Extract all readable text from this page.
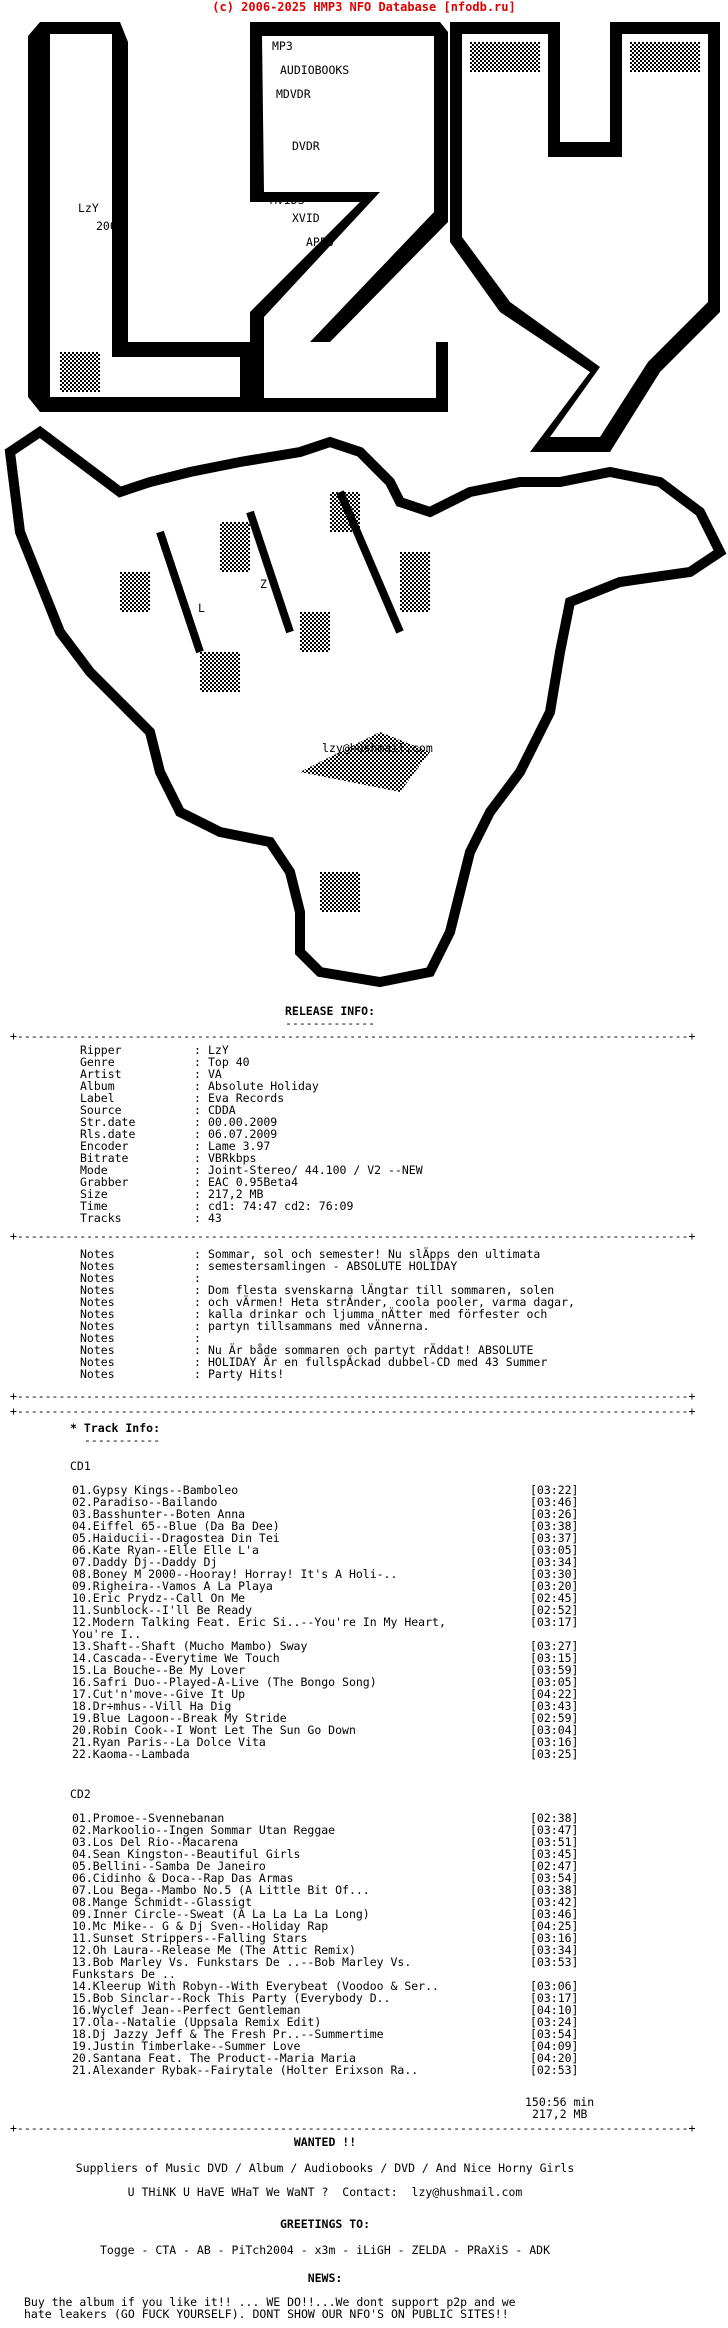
(c) 2006-2025 HMP3 NFO Database [nfodb.ru]
MP3
AUDIOBOOKS
MDVDR
DVDR
MVIDS
XVID
APPS
LzY
2009
L
Z
Y
lzy@hushmail.com
RELEASE INFO:
-------------
+-------------------------------------------------------------------------------------------------+
Ripper	: LzY
Genre	: Top 40
Artist	: VA
Album	: Absolute Holiday
Label	: Eva Records
Source	: CDDA
Str.date	: 00.00.2009
Rls.date	: 06.07.2009
Encoder	: Lame 3.97
Bitrate	: VBRkbps
Mode	: Joint-Stereo/ 44.100 / V2 --NEW
Grabber	: EAC 0.95Beta4
Size	: 217,2 MB
Time	: cd1: 74:47 cd2: 76:09
Tracks	: 43
+-------------------------------------------------------------------------------------------------+
Notes	: Sommar, sol och semester! Nu slÄpps den ultimata
Notes	: semestersamlingen - ABSOLUTE HOLIDAY
Notes	:
Notes	: Dom flesta svenskarna lÄngtar till sommaren, solen
Notes	: och vÄrmen! Heta strÄnder, coola pooler, varma dagar,
Notes	: kalla drinkar och ljumma nÄtter med förfester och
Notes	: partyn tillsammans med vÄnnerna.
Notes	:
Notes	: Nu Är både sommaren och partyt rÄddat! ABSOLUTE
Notes	: HOLIDAY Är en fullspÄckad dubbel-CD med 43 Summer
Notes	: Party Hits!
+-------------------------------------------------------------------------------------------------+
+-------------------------------------------------------------------------------------------------+
* Track Info:
-----------
CD1
01.Gypsy Kings--Bamboleo	[03:22]
02.Paradiso--Bailando	[03:46]
03.Basshunter--Boten Anna	[03:26]
04.Eiffel 65--Blue (Da Ba Dee)	[03:38]
05.Haiducii--Dragostea Din Tei	[03:37]
06.Kate Ryan--Elle Elle L'a	[03:05]
07.Daddy Dj--Daddy Dj	[03:34]
08.Boney M 2000--Hooray! Horray! It's A Holi-..	[03:30]
09.Righeira--Vamos A La Playa	[03:20]
10.Eric Prydz--Call On Me	[02:45]
11.Sunblock--I'll Be Ready	[02:52]
12.Modern Talking Feat. Eric Si..--You're In My Heart,	[03:17]
You're I..
13.Shaft--Shaft (Mucho Mambo) Sway	[03:27]
14.Cascada--Everytime We Touch	[03:15]
15.La Bouche--Be My Lover	[03:59]
16.Safri Duo--Played-A-Live (The Bongo Song)	[03:05]
17.Cut'n'move--Give It Up	[04:22]
18.Dr÷mhus--Vill Ha Dig	[03:43]
19.Blue Lagoon--Break My Stride	[02:59]
20.Robin Cook--I Wont Let The Sun Go Down	[03:04]
21.Ryan Paris--La Dolce Vita	[03:16]
22.Kaoma--Lambada	[03:25]
CD2
01.Promoe--Svennebanan	[02:38]
02.Markoolio--Ingen Sommar Utan Reggae	[03:47]
03.Los Del Rio--Macarena	[03:51]
04.Sean Kingston--Beautiful Girls	[03:45]
05.Bellini--Samba De Janeiro	[02:47]
06.Cidinho & Doca--Rap Das Armas	[03:54]
07.Lou Bega--Mambo No.5 (A Little Bit Of...	[03:38]
08.Mange Schmidt--Glassigt	[03:42]
09.Inner Circle--Sweat (A La La La La Long)	[03:46]
10.Mc Mike-- G & Dj Sven--Holiday Rap	[04:25]
11.Sunset Strippers--Falling Stars	[03:16]
12.Oh Laura--Release Me (The Attic Remix)	[03:34]
13.Bob Marley Vs. Funkstars De ..--Bob Marley Vs.	[03:53]
Funkstars De ..
14.Kleerup With Robyn--With Everybeat (Voodoo & Ser..	[03:06]
15.Bob Sinclar--Rock This Party (Everybody D..	[03:17]
16.Wyclef Jean--Perfect Gentleman	[04:10]
17.Ola--Natalie (Uppsala Remix Edit)	[03:24]
18.Dj Jazzy Jeff & The Fresh Pr..--Summertime	[03:54]
19.Justin Timberlake--Summer Love	[04:09]
20.Santana Feat. The Product--Maria Maria	[04:20]
21.Alexander Rybak--Fairytale (Holter Erixson Ra..	[02:53]
150:56 min
217,2 MB
+-------------------------------------------------------------------------------------------------+
WANTED !!
Suppliers of Music DVD / Album / Audiobooks / DVD / And Nice Horny Girls
U THiNK U HaVE WHaT We WaNT ?  Contact:  lzy@hushmail.com
GREETINGS TO:
Togge - CTA - AB - PiTch2004 - x3m - iLiGH - ZELDA - PRaXiS - ADK
NEWS:
Buy the album if you like it!! ... WE DO!!...We dont support p2p and we
hate leakers (GO FUCK YOURSELF). DONT SHOW OUR NFO'S ON PUBLIC SITES!!
